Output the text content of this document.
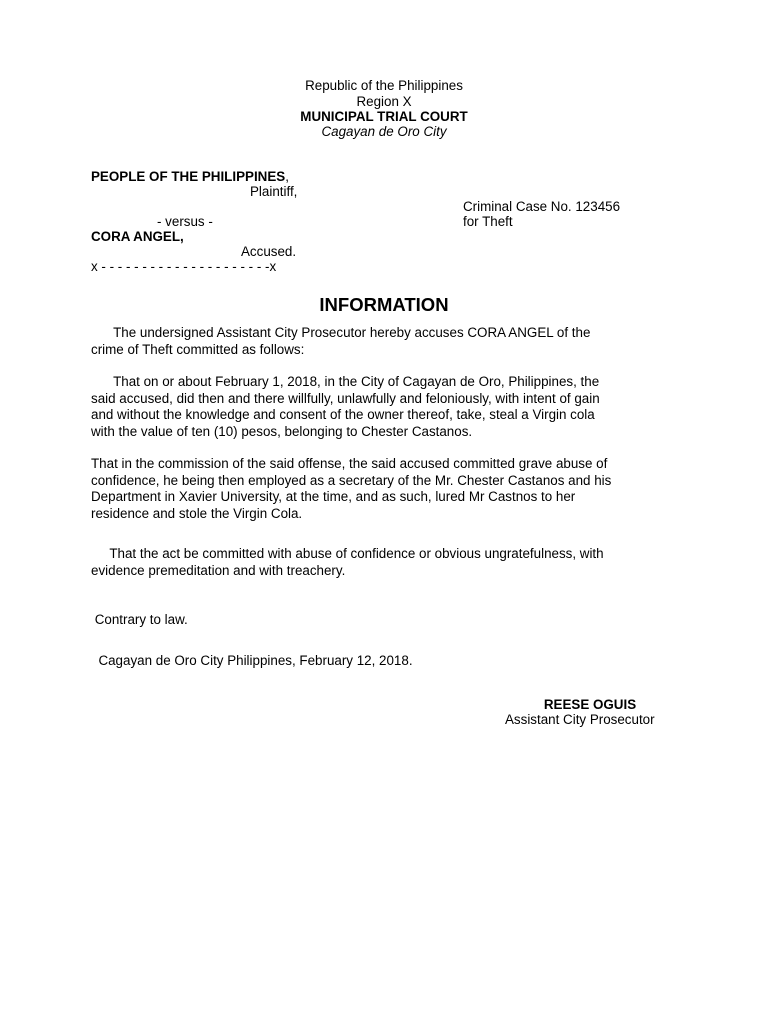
Republic of the Philippines

Region X

MUNICIPAL TRIAL COURT

Cagayan de Oro City

PEOPLE OF THE PHILIPPINES,

Plaintiff,

Criminal Case No. 123456

- versus -	for Theft

CORA ANGEL,

Accused.

x - - - - - - - - - - - - - - - - - - - - -x

INFORMATION

The undersigned Assistant City Prosecutor hereby accuses CORA ANGEL of the
crime of Theft committed as follows:
That on or about February 1, 2018, in the City of Cagayan de Oro, Philippines, the
said accused, did then and there willfully, unlawfully and feloniously, with intent of gain
and without the knowledge and consent of the owner thereof, take, steal a Virgin cola
with the value of ten (10) pesos, belonging to Chester Castanos.
That in the commission of the said offense, the said accused committed grave abuse of
confidence, he being then employed as a secretary of the Mr. Chester Castanos and his
Department in Xavier University, at the time, and as such, lured Mr Castnos to her
residence and stole the Virgin Cola.
That the act be committed with abuse of confidence or obvious ungratefulness, with
evidence premeditation and with treachery.

Contrary to law.

Cagayan de Oro City Philippines, February 12, 2018.

REESE OGUIS

Assistant City Prosecutor
